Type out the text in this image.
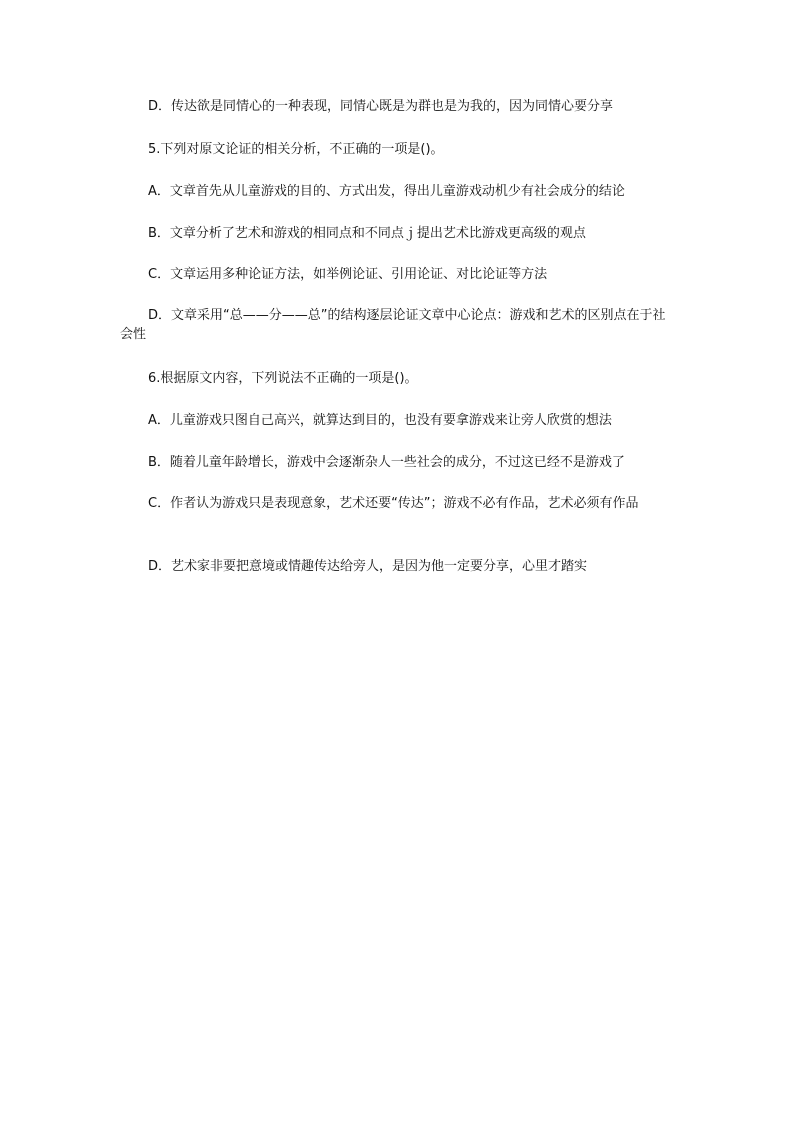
D．传达欲是同情心的一种表现，同情心既是为群也是为我的，因为同情心要分享
5.下列对原文论证的相关分析，不正确的一项是()。
A．文章首先从儿童游戏的目的、方式出发，得出儿童游戏动机少有社会成分的结论
B．文章分析了艺术和游戏的相同点和不同点ｊ提出艺术比游戏更高级的观点
C．文章运用多种论证方法，如举例论证、引用论证、对比论证等方法
D．文章采用“总——分——总”的结构逐层论证文章中心论点：游戏和艺术的区别点在于社会性
6.根据原文内容，下列说法不正确的一项是()。
A．儿童游戏只图自己高兴，就算达到目的，也没有要拿游戏来让旁人欣赏的想法
B．随着儿童年龄增长，游戏中会逐渐杂人一些社会的成分，不过这已经不是游戏了
C．作者认为游戏只是表现意象，艺术还要“传达”；游戏不必有作品，艺术必须有作品
D．艺术家非要把意境或情趣传达给旁人，是因为他一定要分享，心里才踏实
